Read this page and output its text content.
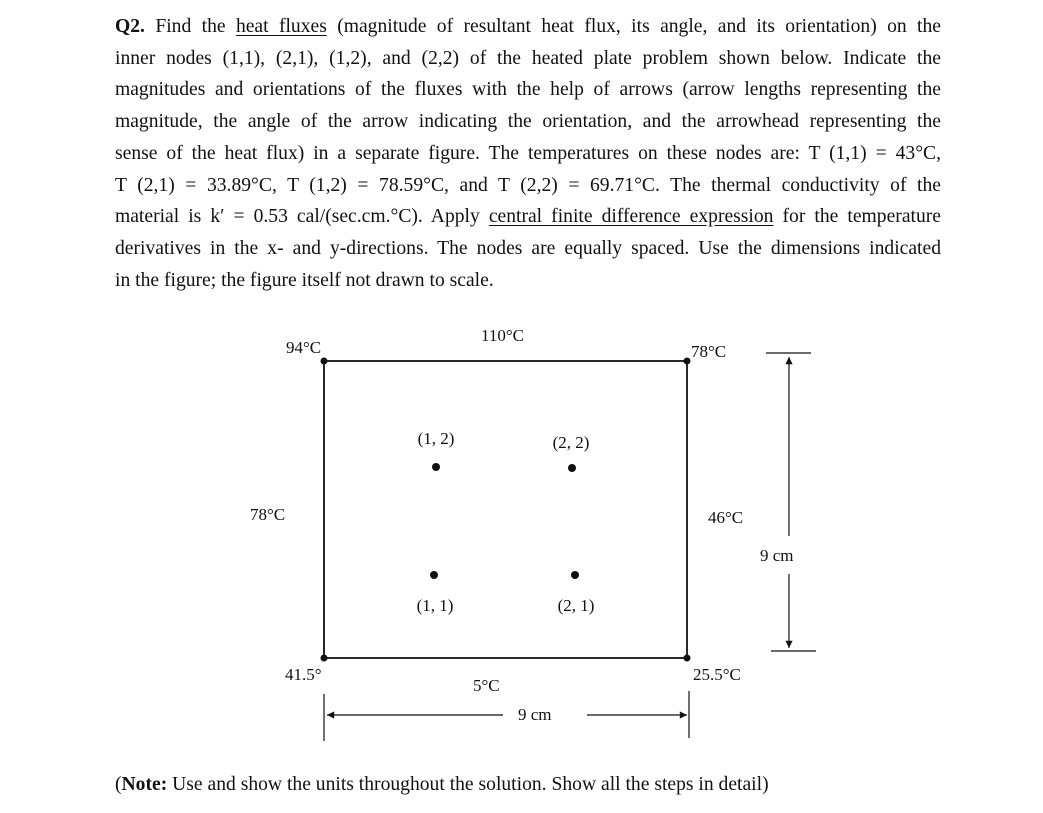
Q2. Find the heat fluxes (magnitude of resultant heat flux, its angle, and its orientation) on the
inner nodes (1,1), (2,1), (1,2), and (2,2) of the heated plate problem shown below. Indicate the
magnitudes and orientations of the fluxes with the help of arrows (arrow lengths representing the
magnitude, the angle of the arrow indicating the orientation, and the arrowhead representing the
sense of the heat flux) in a separate figure. The temperatures on these nodes are: T (1,1) = 43°C,
T (2,1) = 33.89°C, T (1,2) = 78.59°C, and T (2,2) = 69.71°C. The thermal conductivity of the
material is k′ = 0.53 cal/(sec.cm.°C). Apply central finite difference expression for the temperature
derivatives in the x- and y-directions. The nodes are equally spaced. Use the dimensions indicated
in the figure; the figure itself not drawn to scale.
(1, 2)	(2, 2)
(1, 1)	(2, 1)
94°C
110°C
78°C
78°C	46°C
41.5°
5°C
25.5°C
9 cm
9 cm
(Note: Use and show the units throughout the solution. Show all the steps in detail)
